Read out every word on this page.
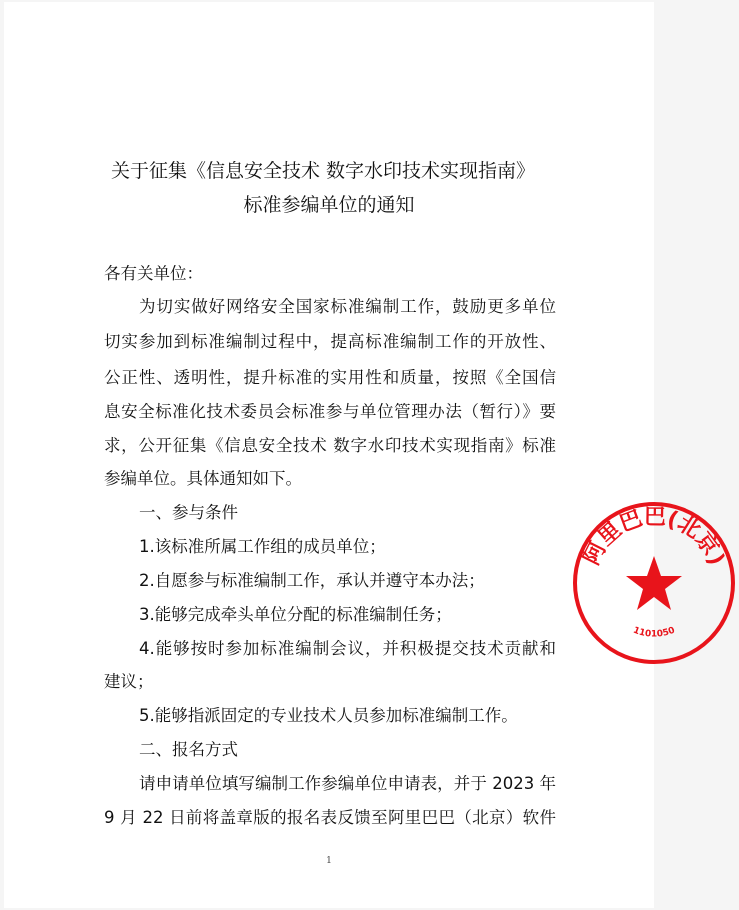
关于征集《信息安全技术 数字水印技术实现指南》
标准参编单位的通知
各有关单位：
为切实做好网络安全国家标准编制工作，鼓励更多单位
切实参加到标准编制过程中，提高标准编制工作的开放性、
公正性、透明性，提升标准的实用性和质量，按照《全国信
息安全标准化技术委员会标准参与单位管理办法（暂行）》要
求，公开征集《信息安全技术 数字水印技术实现指南》标准
参编单位。具体通知如下。
一、参与条件
1.该标准所属工作组的成员单位；
2.自愿参与标准编制工作，承认并遵守本办法；
3.能够完成牵头单位分配的标准编制任务；
4.能够按时参加标准编制会议，并积极提交技术贡献和
建议；
5.能够指派固定的专业技术人员参加标准编制工作。
二、报名方式
请申请单位填写编制工作参编单位申请表，并于 2023 年
9 月 22 日前将盖章版的报名表反馈至阿里巴巴（北京）软件
1
阿里巴巴(北京)
1101050
